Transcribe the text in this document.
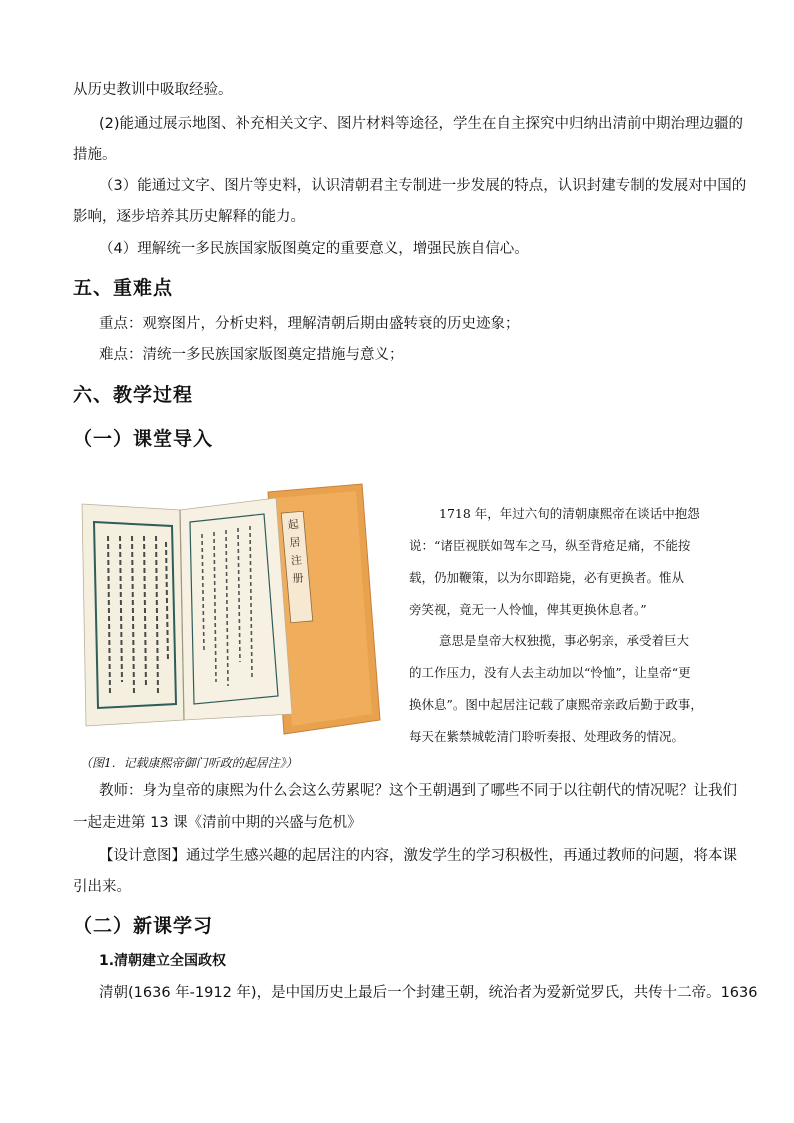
从历史教训中吸取经验。
(2)能通过展示地图、补充相关文字、图片材料等途径，学生在自主探究中归纳出清前中期治理边疆的
措施。
（3）能通过文字、图片等史料，认识清朝君主专制进一步发展的特点，认识封建专制的发展对中国的
影响，逐步培养其历史解释的能力。
（4）理解统一多民族国家版图奠定的重要意义，增强民族自信心。
五、重难点
重点：观察图片，分析史料，理解清朝后期由盛转衰的历史迹象；
难点：清统一多民族国家版图奠定措施与意义；
六、教学过程
（一）课堂导入
起
居
注
册
1718 年，年过六旬的清朝康熙帝在谈话中抱怨
说：“诸臣视朕如驾车之马，纵至背疮足痛，不能按
载，仍加鞭策，以为尔即踣毙，必有更换者。惟从
旁笑视，竟无一人怜恤，俾其更换休息者。”
意思是皇帝大权独揽，事必躬亲，承受着巨大
的工作压力，没有人去主动加以“怜恤”，让皇帝“更
换休息”。图中起居注记载了康熙帝亲政后勤于政事，
每天在紫禁城乾清门聆听奏报、处理政务的情况。
（图1．记载康熙帝御门听政的起居注》）
教师：身为皇帝的康熙为什么会这么劳累呢？这个王朝遇到了哪些不同于以往朝代的情况呢？让我们
一起走进第 13 课《清前中期的兴盛与危机》
【设计意图】通过学生感兴趣的起居注的内容，激发学生的学习积极性，再通过教师的问题，将本课
引出来。
（二）新课学习
1.清朝建立全国政权
清朝(1636 年-1912 年)，是中国历史上最后一个封建王朝，统治者为爱新觉罗氏，共传十二帝。1636
